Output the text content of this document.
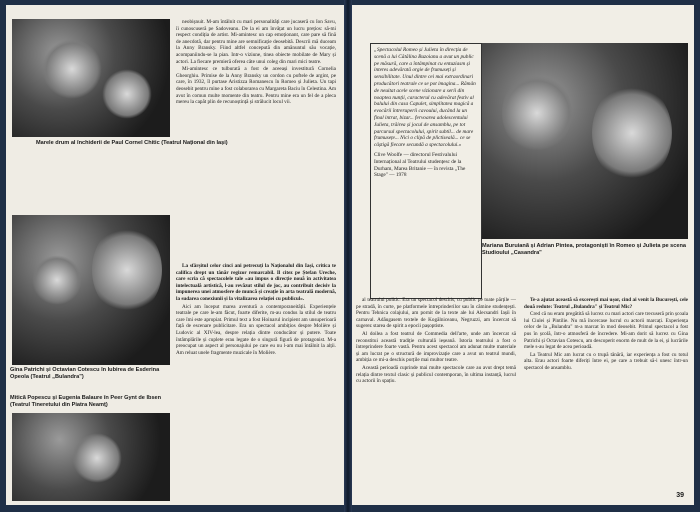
Marele drum al închiderii de Paul Cornel Chitic (Teatrul Național din Iași)
Gina Patrichi și Octavian Cotescu în Iubirea de Esderina Opeola (Teatrul „Bulandra")
Mitică Popescu și Eugenia Balaure în Peer Gynt de Ibsen (Teatrul Tineretului din Piatra Neamț)

neobișnuit. M-am întâlnit cu mari personalități care jucaseră cu Ion Savu, îi cunoscuseră pe Sadoveanu. De la ei am învățat un lucru prețios: să-mi respect condiția de artist. Mi-amintesc un cap emoționant, care pare să fină de anecdotă, dar pentru mine are semnificație deosebită. Descrii mă duceam la Anny Bransky. Fiind altfel concepută din amănuntul său vocație, acompaniindu-se la pian. Intr-o viziune, tinea obiecte mobilate de Mary și actori. La fiecare premieră oferea câte unui coleg din mari mici teatre.

Mi-amintesc ce tulburată a fost de aceeași investitură Cornelia Gheorghiu. Primise de la Anny Bransky un cordon cu poftele de argint, pe care, în 1932, îl purtase Aristizza Romanescu în Romeo și Julieta. Un tapi deosebit pentru mine a fost colaborarea cu Margareta Baciu în Celestina. Am avut în comun multe momente din teatru. Pentru mine era un fel de a pleca mereu la capăt plin de recunoștință și strălucit locul vii.

La sfârșitul celor cinci ani petrecuți la Naționalul din Iași, critica te califica drept un tânăr regizor remarcabil. Il citez pe Ștefan Ureche, care scria că spectacolele tale «au impus o direcție nouă în activitatea intelectuală artistică, l-au revăzut stilul de joc, au contribuit decisiv la impunerea unei atmosfere de muncă și creație în arta teatrală modernă, la sudarea conexiunii și la vitalizarea relației cu publicul».

Aici am început marea aventură a contemporaneității. Experiențele teatrale pe care le-am făcut, foarte diferite, m-au condus la stilul de teatru care îmi este apropiat. Primul text a fost Hoinarul incipient am unsuperioară față de escenare publicitare. Era un spectacol ambițios despre Molière și Ludovic al XIV-lea, despre relația dintre conducător și putere. Toate întâmplările și cuplete erau legate de o singură figură de protagonist. M-a preocupat un aspect al personajului pe care eu nu l-am mai întâlnit la alții. Am reluat unele fragmente muzicale în Molière.

„Spectacolul Romeo și Julieta în direcția de scenă a lui Cătălina Buzoianu a avut un public pe măsură, care a întâmpinat cu entuziasm și interes adevărată orgie de frumuseți și sensibilitate. Unul dintre cei mai extraordinari producători teatrale ce se pot imagina... Rămân de neuitat acele scene vizionare a serii din noaptea nunții, caracterul cu adevărat festiv al balului din casa Capulet, simplitatea magică a evocării întreruperii cavoului, ducând la un final intrat, bizar... fervoarea adolescentului Julieta, trăirea și jocul de ansamblu, pe tot parcursul spectacolului, spirit subtil... de mare frumusețe... Nici o clipă de plictiseală... ce se câștigă fiecare secundă a spectacolului.»
Clive Woolfe — directorul Festivalului Internațional al Teatrului studențesc de la Durham, Marea Britanie — în revista „The Stage" — 1978
Mariana Buruiană și Adrian Pintea, protagoniști în Romeo și Julieta pe scena Studioului „Casandra"

al teatrului politic. Era un spectacol deschis, cu public pe toate părțile — pe stradă, în curte, pe platformele întreprinderilor sau în cămine studențești. Pentru Tehnica colajului, am pornit de la texte ale lui Alecsandri Iașii în carnaval. Adăugasem textele de Kogălniceanu, Negruzzi, am încercat să sugerez starea de spirit a epocii pașoptiste.

Al doilea a fost teatrul de Commedia dell'arte, unde am încercat să reconstitui această tradiție culturală ieșeană. Istoria teatrului a fost o întreprindere foarte vastă. Pentru acest spectacol am adunat multe materiale și am lucrat pe o structură de improvizație care a avut un teatrul mundi, ambiția ce mi-a deschis porțile mai multor teatre.

Această perioadă cuprinde mai multe spectacole care au avut drept temă relația dintre textul clasic și publicul contemporan, în ultima instanță, lucrul cu actorii în spațiu.

Te-a ajutat această să excerești mai ușor, cind ai venit la București, cele două redute: Teatrul „Bulandra" și Teatrul Mic?

Cred că nu eram pregătită să lucrez cu mari actori care trecuseră prin școala lui Ciulei și Pintilie. Nu mă încercase lucrul cu actorii marcați. Experiența celor de la „Bulandra" m-a marcat în mod deosebit. Primul spectacol a fost pus în școlă, într-o atmosferă de încredere. Mi-am dorit să lucrez cu Gina Patrichi și Octavian Cotescu, am descoperit enorm de mult de la ei, și lucrările mele s-au legat de acea perioadă.

La Teatrul Mic am lucrat cu o trupă tânără, iar experiența a fost cu totul alta. Erau actori foarte diferiți între ei, pe care a trebuit să-i unesc într-un spectacol de ansamblu.

39
